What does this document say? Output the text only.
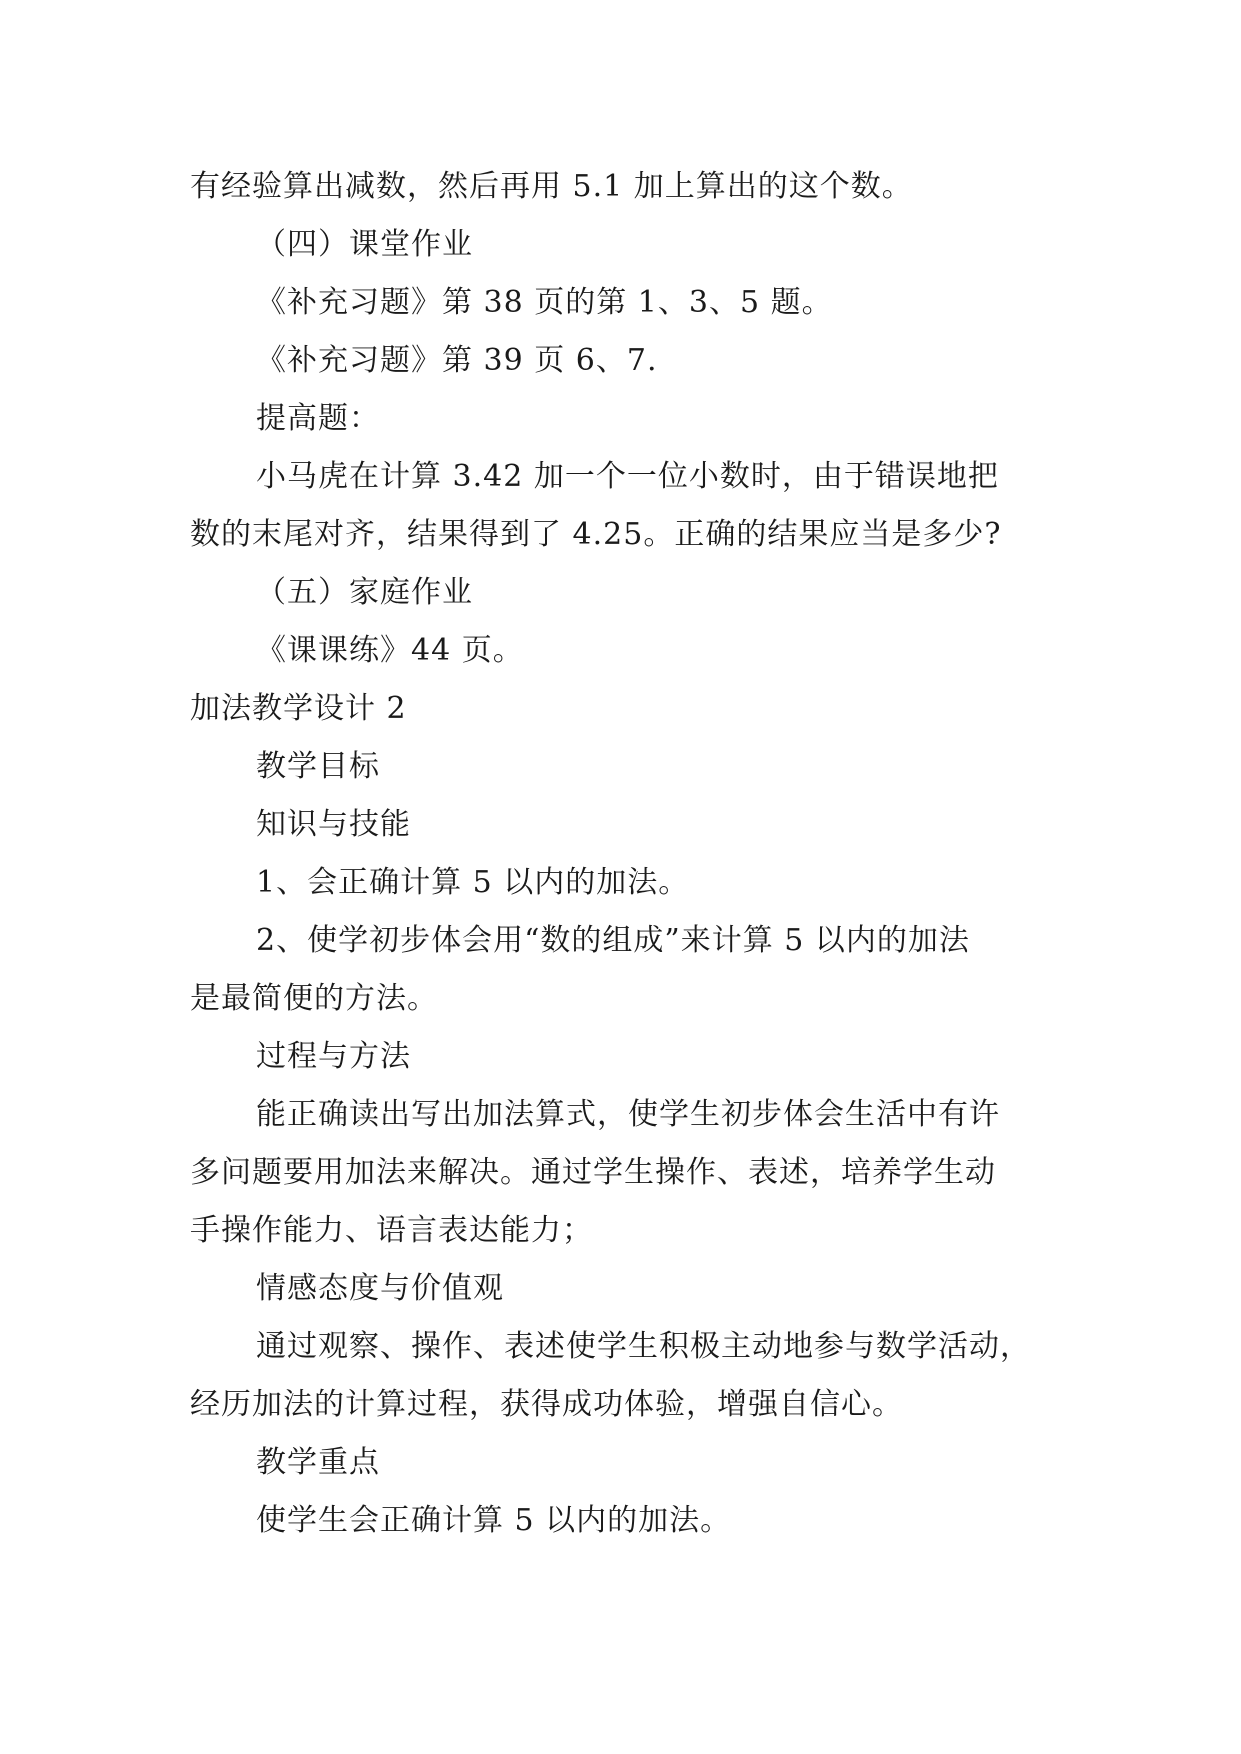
有经验算出减数，然后再用 5.1 加上算出的这个数。
（四）课堂作业
《补充习题》第 38 页的第 1、3、5 题。
《补充习题》第 39 页 6、7.
提高题：
小马虎在计算 3.42 加一个一位小数时，由于错误地把
数的末尾对齐，结果得到了 4.25。正确的结果应当是多少?
（五）家庭作业
《课课练》44 页。
加法教学设计 2
教学目标
知识与技能
1、会正确计算 5 以内的加法。
2、使学初步体会用“数的组成”来计算 5 以内的加法
是最简便的方法。
过程与方法
能正确读出写出加法算式，使学生初步体会生活中有许
多问题要用加法来解决。通过学生操作、表述，培养学生动
手操作能力、语言表达能力；
情感态度与价值观
通过观察、操作、表述使学生积极主动地参与数学活动，
经历加法的计算过程，获得成功体验，增强自信心。
教学重点
使学生会正确计算 5 以内的加法。
